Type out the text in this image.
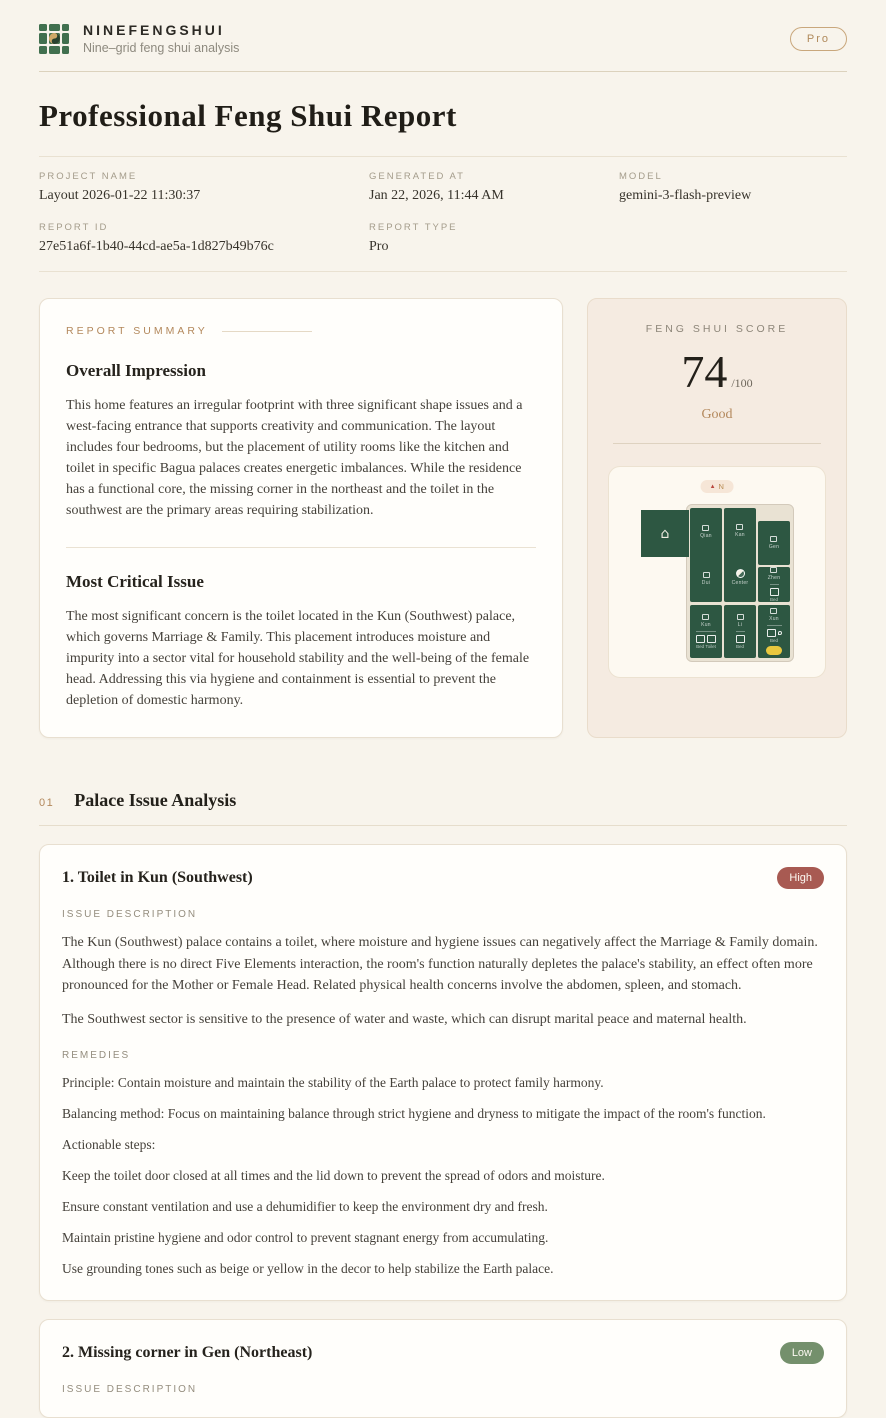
NINEFENGSHUI
Nine–grid feng shui analysis
Pro
Professional Feng Shui Report
PROJECT NAME
Layout 2026-01-22 11:30:37
GENERATED AT
Jan 22, 2026, 11:44 AM
MODEL
gemini-3-flash-preview
REPORT ID
27e51a6f-1b40-44cd-ae5a-1d827b49b76c
REPORT TYPE
Pro
REPORT SUMMARY
Overall Impression

This home features an irregular footprint with three significant shape issues and a west-facing entrance that supports creativity and communication. The layout includes four bedrooms, but the placement of utility rooms like the kitchen and toilet in specific Bagua palaces creates energetic imbalances. While the residence has a functional core, the missing corner in the northeast and the toilet in the southwest are the primary areas requiring stabilization.

Most Critical Issue

The most significant concern is the toilet located in the Kun (Southwest) palace, which governs Marriage & Family. This placement introduces moisture and impurity into a sector vital for household stability and the well-being of the female head. Addressing this via hygiene and containment is essential to prevent the depletion of domestic harmony.

FENG SHUI SCORE
74 /100
Good
▲ N
Qian
Dui
Kan
Center
Gen
Zhen
Bed
Kun
Bed Toilet
Li
Bed
Xun
Bed
⌂
01 Palace Issue Analysis
1. Toilet in Kun (Southwest)	High
ISSUE DESCRIPTION

The Kun (Southwest) palace contains a toilet, where moisture and hygiene issues can negatively affect the Marriage & Family domain. Although there is no direct Five Elements interaction, the room's function naturally depletes the palace's stability, an effect often more pronounced for the Mother or Female Head. Related physical health concerns involve the abdomen, spleen, and stomach.

The Southwest sector is sensitive to the presence of water and waste, which can disrupt marital peace and maternal health.

REMEDIES

Principle: Contain moisture and maintain the stability of the Earth palace to protect family harmony.

Balancing method: Focus on maintaining balance through strict hygiene and dryness to mitigate the impact of the room's function.

Actionable steps:

Keep the toilet door closed at all times and the lid down to prevent the spread of odors and moisture.

Ensure constant ventilation and use a dehumidifier to keep the environment dry and fresh.

Maintain pristine hygiene and odor control to prevent stagnant energy from accumulating.

Use grounding tones such as beige or yellow in the decor to help stabilize the Earth palace.

2. Missing corner in Gen (Northeast)	Low
ISSUE DESCRIPTION
